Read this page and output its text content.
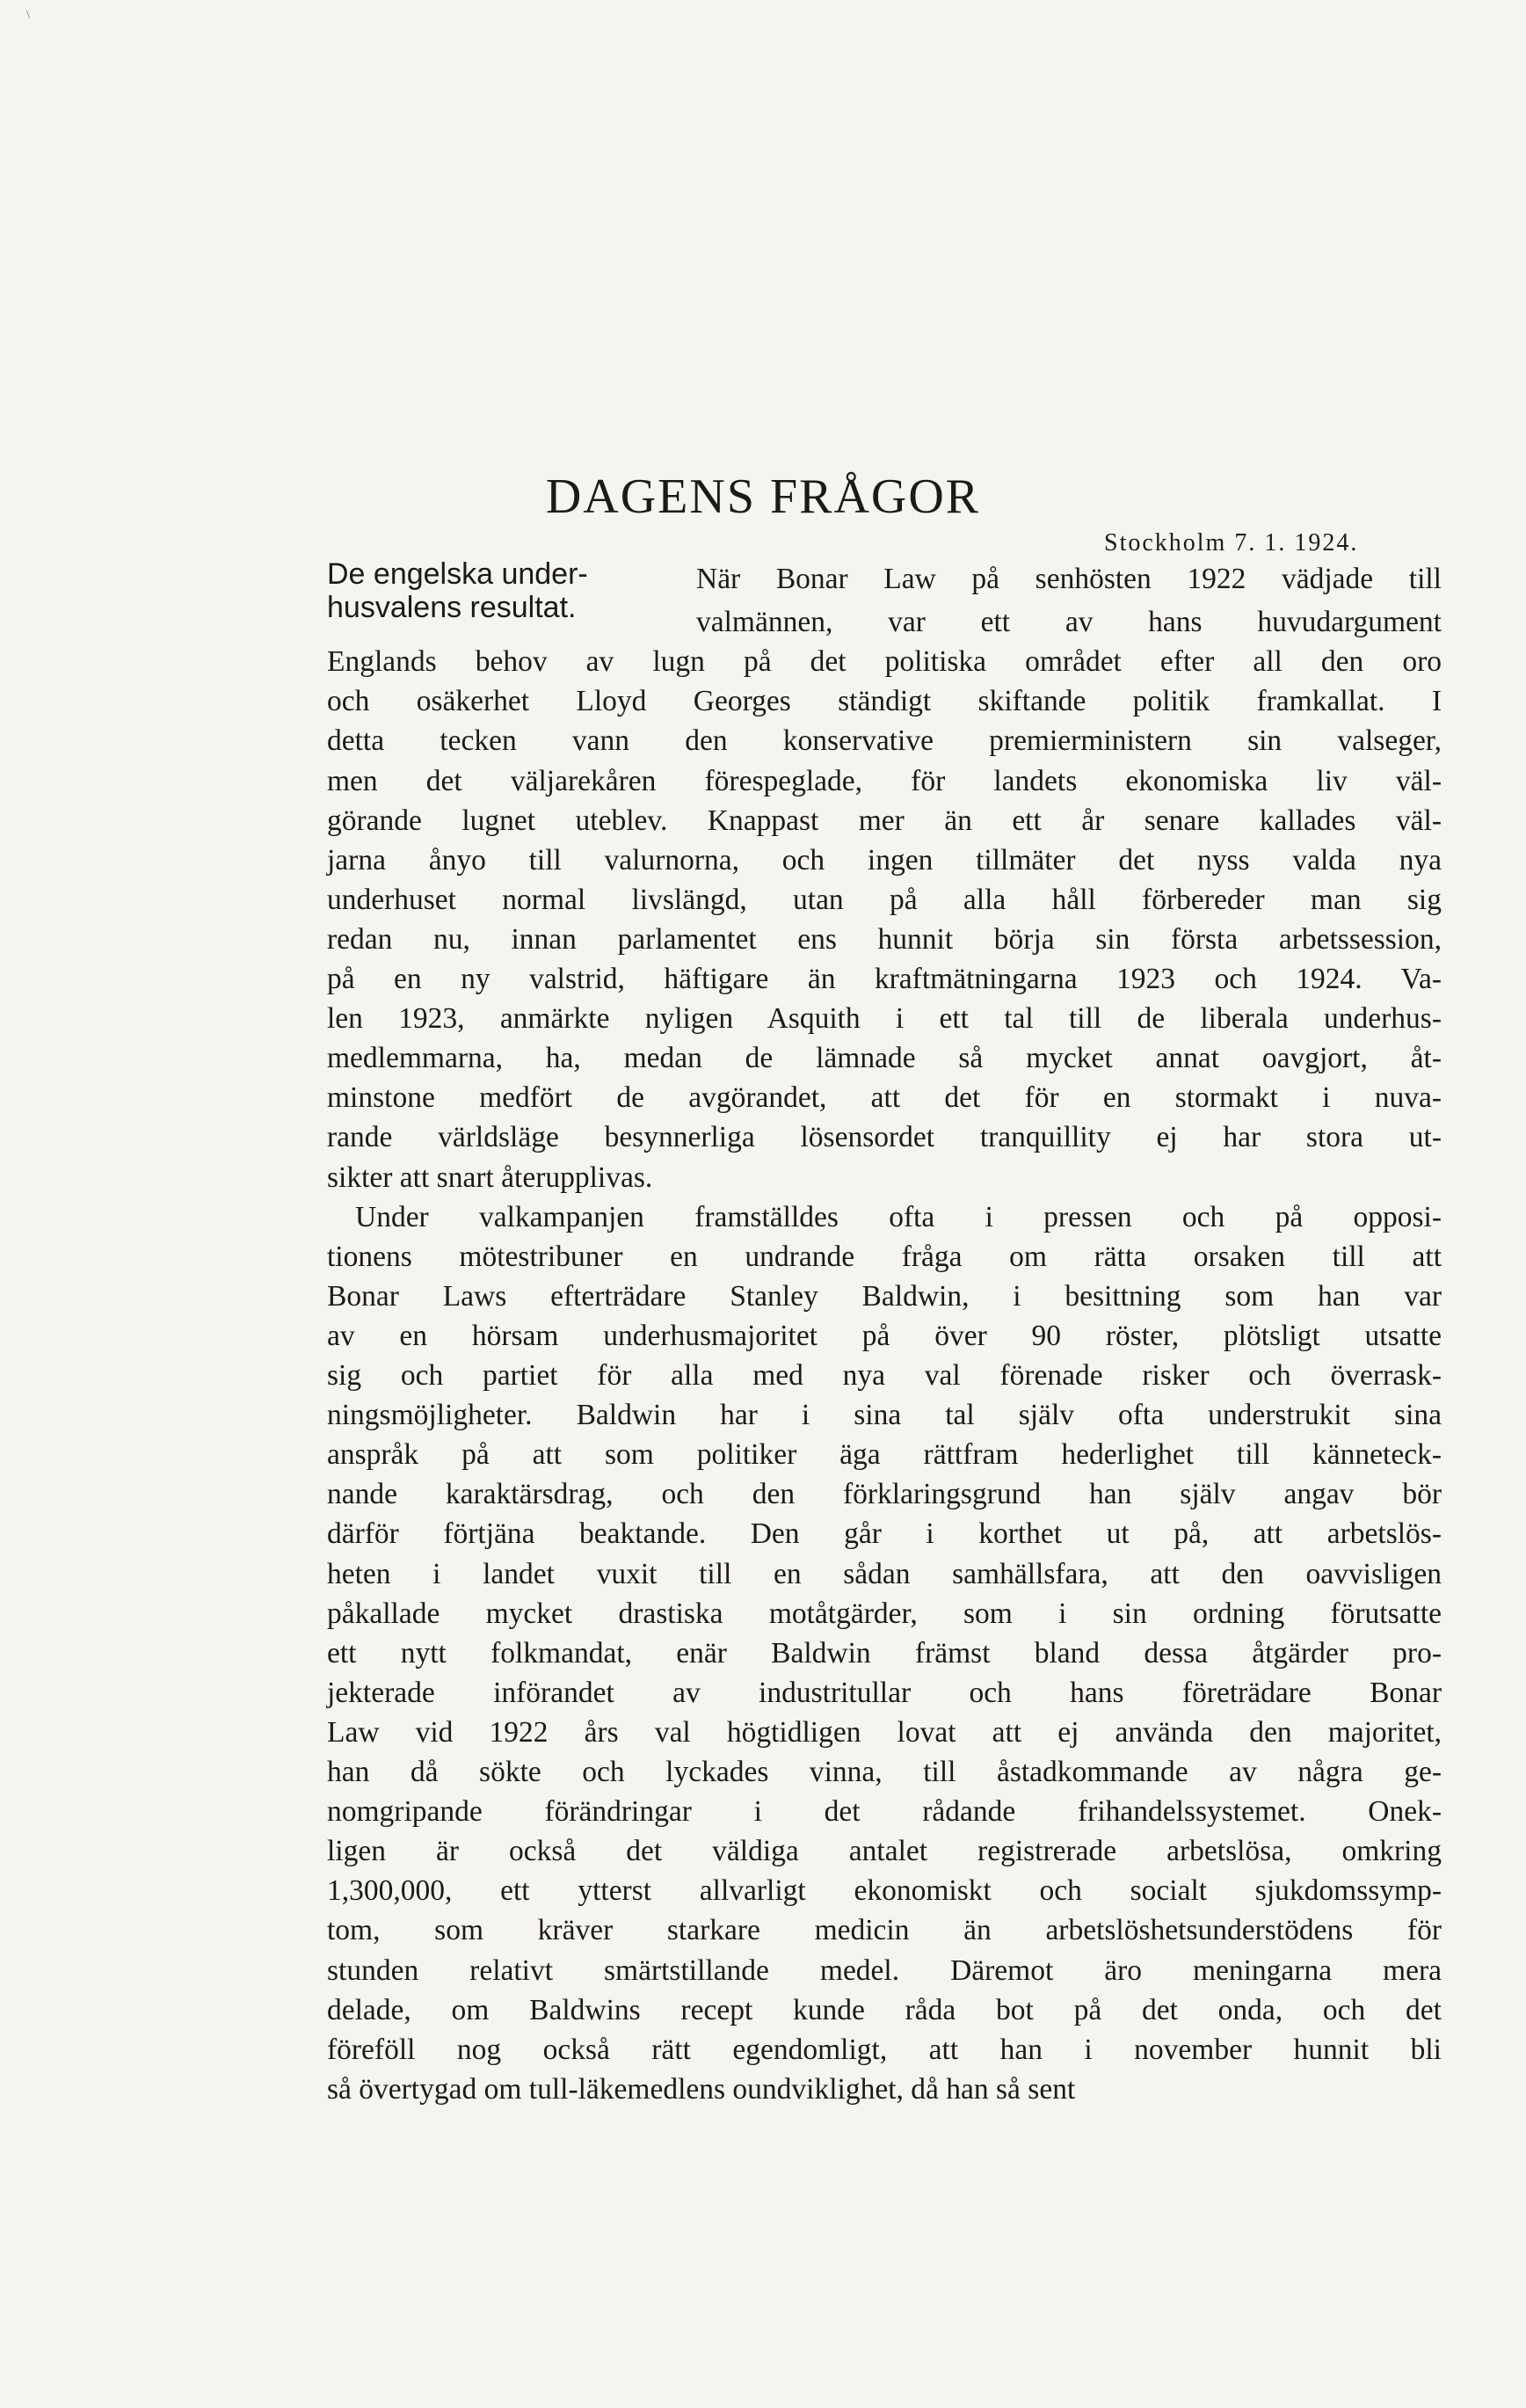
\
DAGENS FRÅGOR
Stockholm 7. 1. 1924.

De engelska under-
husvalens resultat.

När Bonar Law på senhösten 1922 vädjade till
valmännen, var ett av hans huvudargument
Englands behov av lugn på det politiska området efter all den oro
och osäkerhet Lloyd Georges ständigt skiftande politik framkallat. I
detta tecken vann den konservative premierministern sin valseger,
men det väljarekåren förespeglade, för landets ekonomiska liv väl-
görande lugnet uteblev. Knappast mer än ett år senare kallades väl-
jarna ånyo till valurnorna, och ingen tillmäter det nyss valda nya
underhuset normal livslängd, utan på alla håll förbereder man sig
redan nu, innan parlamentet ens hunnit börja sin första arbetssession,
på en ny valstrid, häftigare än kraftmätningarna 1923 och 1924. Va-
len 1923, anmärkte nyligen Asquith i ett tal till de liberala underhus-
medlemmarna, ha, medan de lämnade så mycket annat oavgjort, åt-
minstone medfört de avgörandet, att det för en stormakt i nuva-
rande världsläge besynnerliga lösensordet tranquillity ej har stora ut-
sikter att snart återupplivas.
Under valkampanjen framställdes ofta i pressen och på opposi-
tionens mötestribuner en undrande fråga om rätta orsaken till att
Bonar Laws efterträdare Stanley Baldwin, i besittning som han var
av en hörsam underhusmajoritet på över 90 röster, plötsligt utsatte
sig och partiet för alla med nya val förenade risker och överrask-
ningsmöjligheter. Baldwin har i sina tal själv ofta understrukit sina
anspråk på att som politiker äga rättfram hederlighet till känneteck-
nande karaktärsdrag, och den förklaringsgrund han själv angav bör
därför förtjäna beaktande. Den går i korthet ut på, att arbetslös-
heten i landet vuxit till en sådan samhällsfara, att den oavvisligen
påkallade mycket drastiska motåtgärder, som i sin ordning förutsatte
ett nytt folkmandat, enär Baldwin främst bland dessa åtgärder pro-
jekterade införandet av industritullar och hans företrädare Bonar
Law vid 1922 års val högtidligen lovat att ej använda den majoritet,
han då sökte och lyckades vinna, till åstadkommande av några ge-
nomgripande förändringar i det rådande frihandelssystemet. Onek-
ligen är också det väldiga antalet registrerade arbetslösa, omkring
1,300,000, ett ytterst allvarligt ekonomiskt och socialt sjukdomssymp-
tom, som kräver starkare medicin än arbetslöshetsunderstödens för
stunden relativt smärtstillande medel. Däremot äro meningarna mera
delade, om Baldwins recept kunde råda bot på det onda, och det
föreföll nog också rätt egendomligt, att han i november hunnit bli
så övertygad om tull-läkemedlens oundviklighet, då han så sent
